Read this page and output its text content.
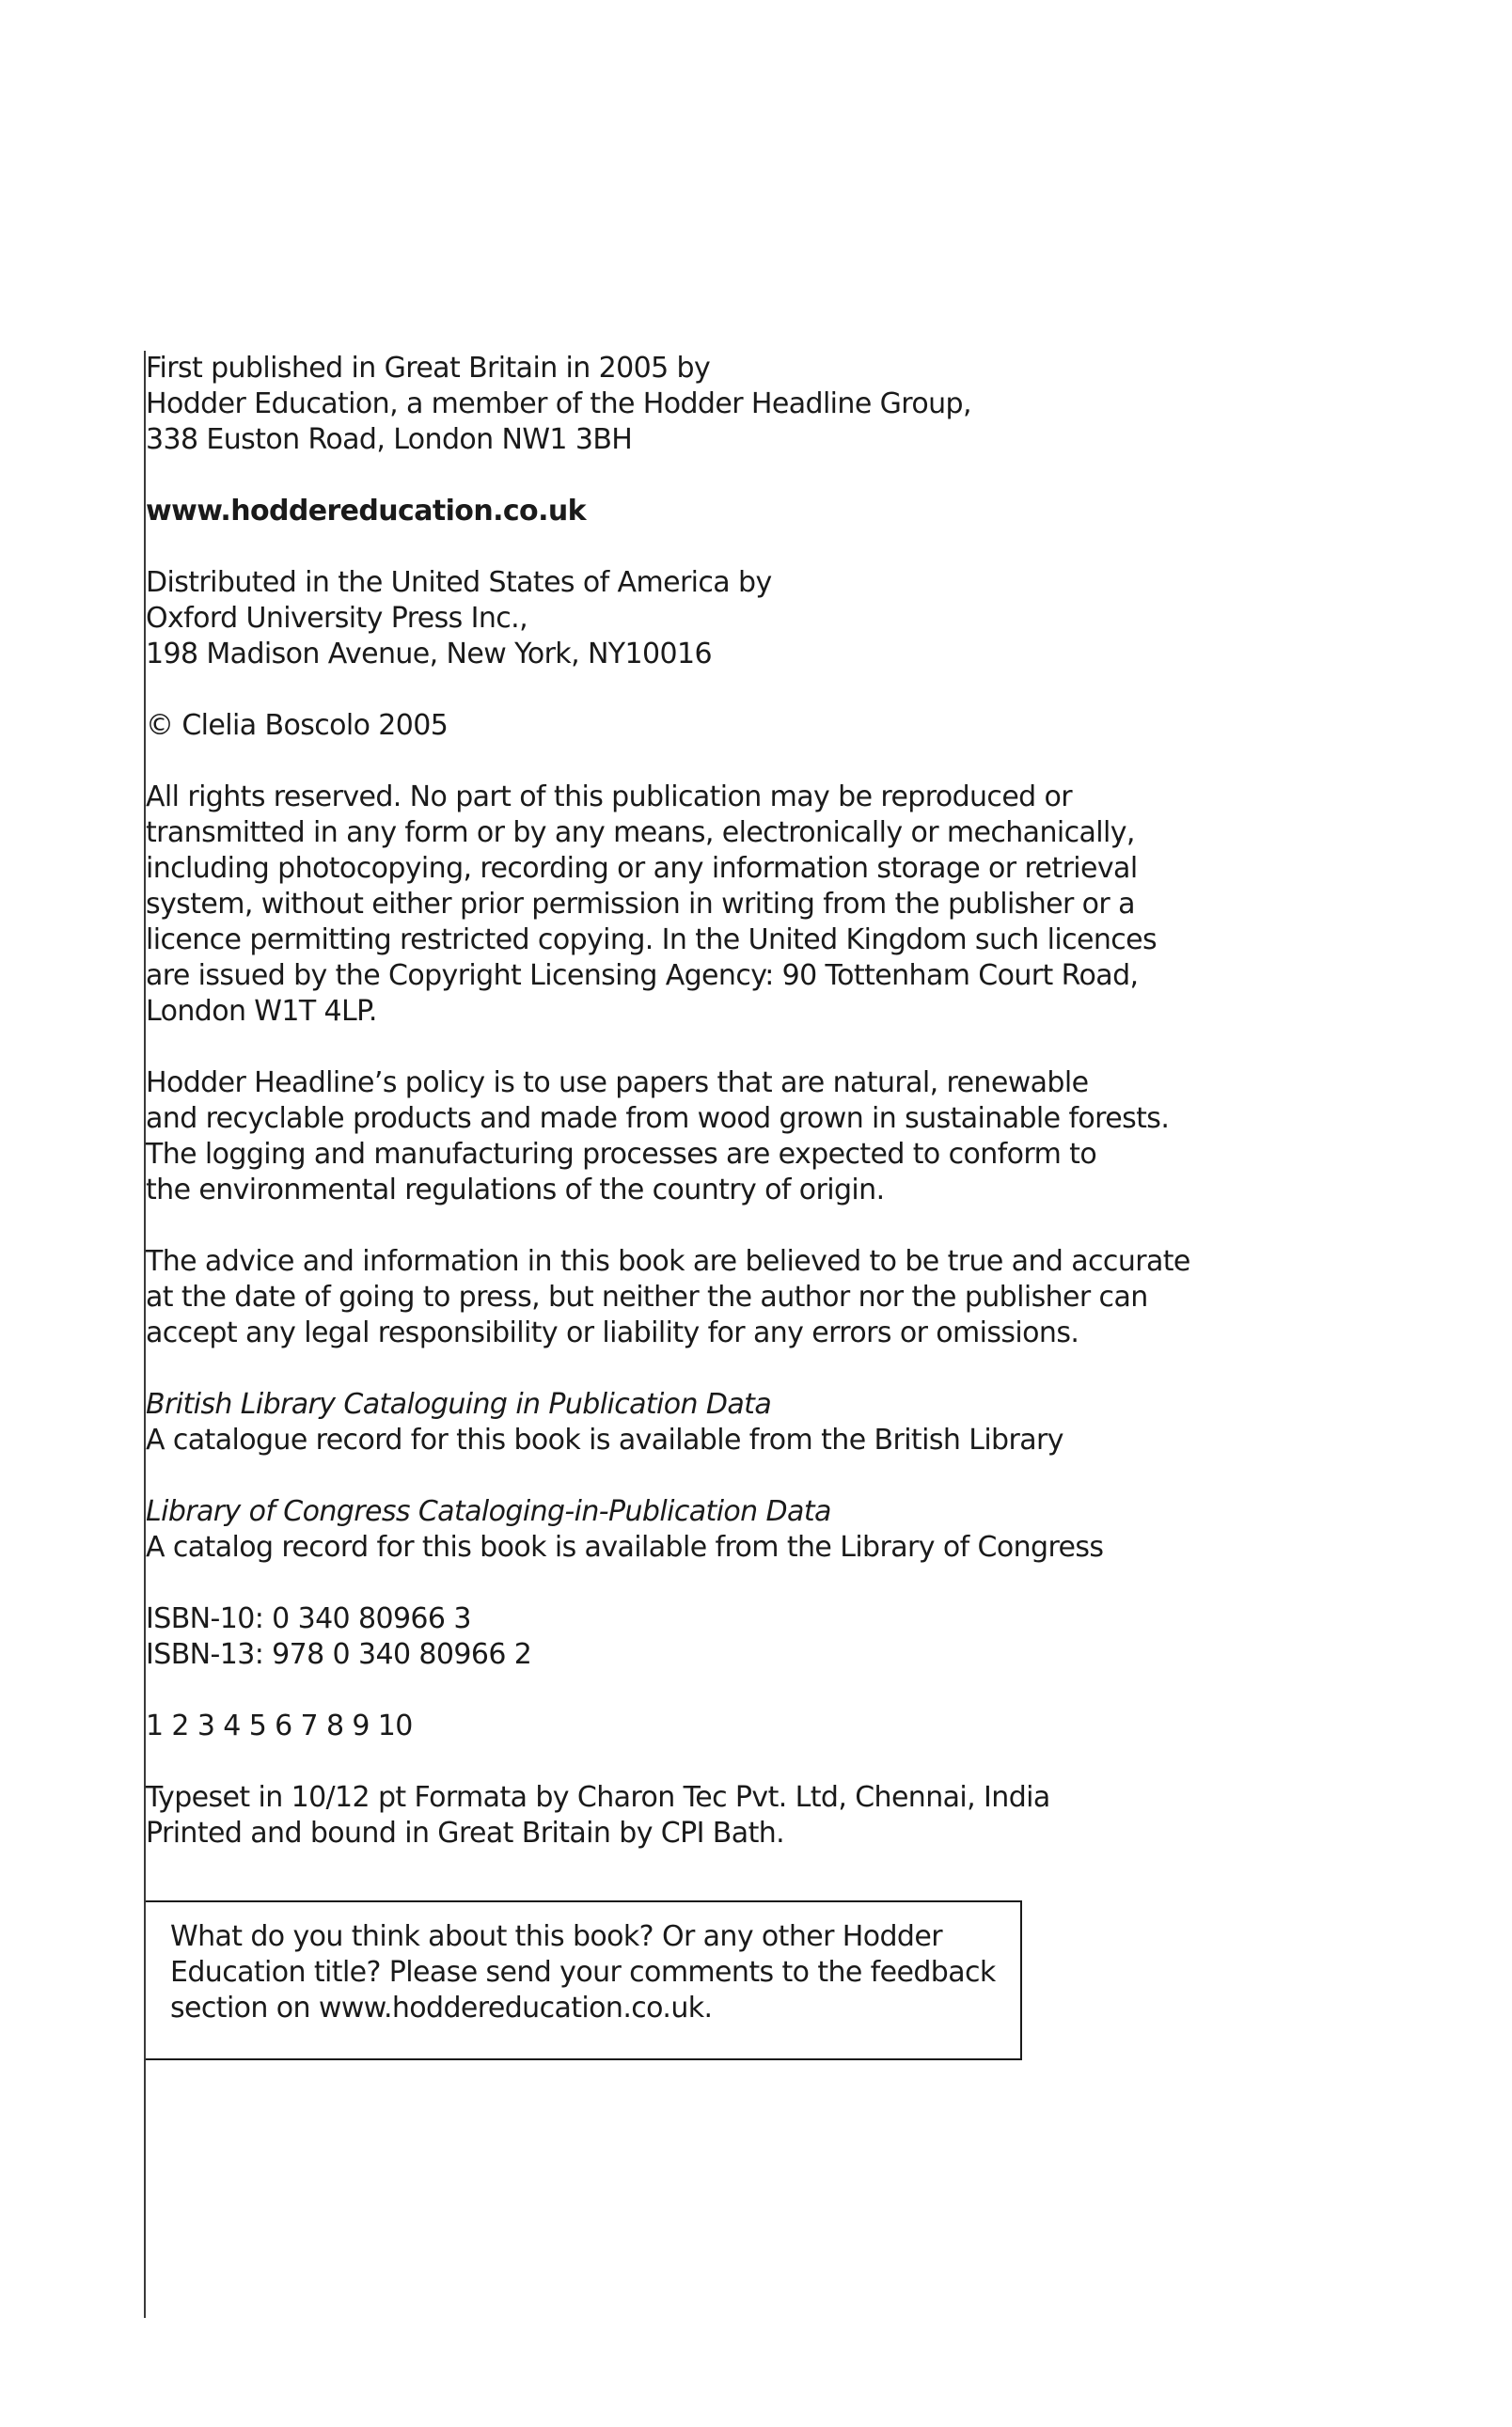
First published in Great Britain in 2005 by
Hodder Education, a member of the Hodder Headline Group,
338 Euston Road, London NW1 3BH
www.hoddereducation.co.uk
Distributed in the United States of America by
Oxford University Press Inc.,
198 Madison Avenue, New York, NY10016
© Clelia Boscolo 2005
All rights reserved. No part of this publication may be reproduced or
transmitted in any form or by any means, electronically or mechanically,
including photocopying, recording or any information storage or retrieval
system, without either prior permission in writing from the publisher or a
licence permitting restricted copying. In the United Kingdom such licences
are issued by the Copyright Licensing Agency: 90 Tottenham Court Road,
London W1T 4LP.
Hodder Headline’s policy is to use papers that are natural, renewable
and recyclable products and made from wood grown in sustainable forests.
The logging and manufacturing processes are expected to conform to
the environmental regulations of the country of origin.
The advice and information in this book are believed to be true and accurate
at the date of going to press, but neither the author nor the publisher can
accept any legal responsibility or liability for any errors or omissions.
British Library Cataloguing in Publication Data
A catalogue record for this book is available from the British Library
Library of Congress Cataloging-in-Publication Data
A catalog record for this book is available from the Library of Congress
ISBN-10: 0 340 80966 3
ISBN-13: 978 0 340 80966 2
1 2 3 4 5 6 7 8 9 10
Typeset in 10/12 pt Formata by Charon Tec Pvt. Ltd, Chennai, India
Printed and bound in Great Britain by CPI Bath.
What do you think about this book? Or any other Hodder
Education title? Please send your comments to the feedback
section on www.hoddereducation.co.uk.
